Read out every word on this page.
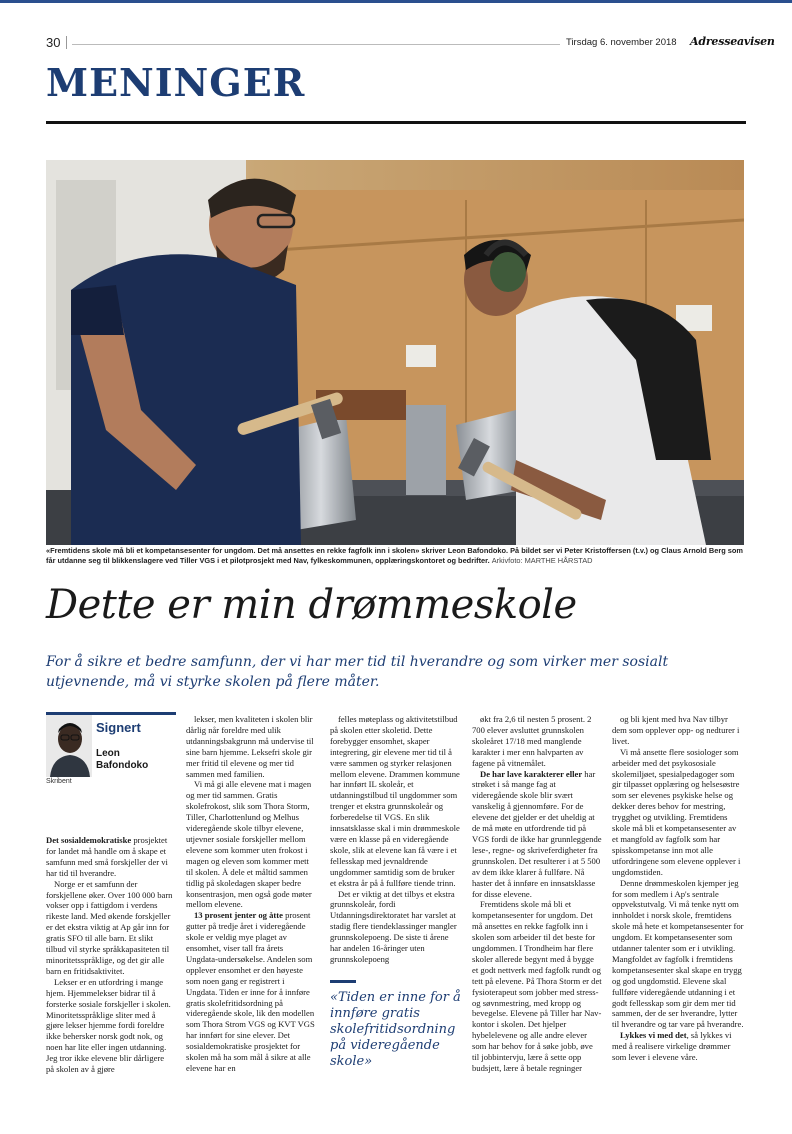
30	Tirsdag 6. november 2018 Adresseavisen
MENINGER
«Fremtidens skole må bli et kompetansesenter for ungdom. Det må ansettes en rekke fagfolk inn i skolen» skriver Leon Bafondoko. På bildet ser vi Peter Kristoffersen (t.v.) og Claus Arnold Berg som får utdanne seg til blikkenslagere ved Tiller VGS i et pilotprosjekt med Nav, fylkeskommunen, opplæringskontoret og bedrifter. Arkivfoto: MARTHE HÅRSTAD
Dette er min drømmeskole
For å sikre et bedre samfunn, der vi har mer tid til hverandre og som virker mer sosialt utjevnende, må vi styrke skolen på flere måter.
Signert
Leon
Bafondoko
Skribent

Det sosialdemokratiske prosjektet for landet må handle om å skape et samfunn med små forskjeller der vi har tid til hverandre.

Norge er et samfunn der forskjellene øker. Over 100 000 barn vokser opp i fattigdom i verdens rikeste land. Med økende forskjeller er det ekstra viktig at Ap går inn for gratis SFO til alle barn. Et slikt tilbud vil styrke språkkapasiteten til minoritetsspråklige, og det gir alle barn en fritidsaktivitet.

Lekser er en utfordring i mange hjem. Hjemmelekser bidrar til å forsterke sosiale forskjeller i skolen. Minoritetsspråklige sliter med å gjøre lekser hjemme fordi foreldre ikke behersker norsk godt nok, og noen har lite eller ingen utdanning. Jeg tror ikke elevene blir dårligere på skolen av å gjøre

lekser, men kvaliteten i skolen blir dårlig når foreldre med ulik utdanningsbakgrunn må undervise til sine barn hjemme. Leksefri skole gir mer fritid til elevene og mer tid sammen med familien.

Vi må gi alle elevene mat i magen og mer tid sammen. Gratis skolefrokost, slik som Thora Storm, Tiller, Charlottenlund og Melhus videregående skole tilbyr elevene, utjevner sosiale forskjeller mellom elevene som kommer uten frokost i magen og eleven som kommer mett til skolen. Å dele et måltid sammen tidlig på skoledagen skaper bedre konsentrasjon, men også gode møter mellom elevene.

13 prosent jenter og åtte prosent gutter på tredje året i videregående skole er veldig mye plaget av ensomhet, viser tall fra årets Ungdata-undersøkelse. Andelen som opplever ensomhet er den høyeste som noen gang er registrert i Ungdata. Tiden er inne for å innføre gratis skolefritidsordning på videregående skole, lik den modellen som Thora Strom VGS og KVT VGS har innført for sine elever. Det sosialdemokratiske prosjektet for skolen må ha som mål å sikre at alle elevene har en

felles møteplass og aktivitetstilbud på skolen etter skoletid. Dette forebygger ensomhet, skaper integrering, gir elevene mer tid til å være sammen og styrker relasjonen mellom elevene. Drammen kommune har innført IL skoleår, et utdanningstilbud til ungdommer som trenger et ekstra grunnskoleår og forberedelse til VGS. En slik innsatsklasse skal i min drømmeskole være en klasse på en videregående skole, slik at elevene kan få være i et fellesskap med jevnaldrende ungdommer samtidig som de bruker et ekstra år på å fullføre tiende trinn.

Det er viktig at det tilbys et ekstra grunnskoleår, fordi Utdanningsdirektoratet har varslet at stadig flere tiendeklassinger mangler grunnskolepoeng. De siste ti årene har andelen 16-åringer uten grunnskolepoeng

økt fra 2,6 til nesten 5 prosent. 2 700 elever avsluttet grunnskolen skoleåret 17/18 med manglende karakter i mer enn halvparten av fagene på vitnemålet.

De har lave karakterer eller har strøket i så mange fag at videregående skole blir svært vanskelig å gjennomføre. For de elevene det gjelder er det uheldig at de må møte en utfordrende tid på VGS fordi de ikke har grunnleggende lese-, regne- og skriveferdigheter fra grunnskolen. Det resulterer i at 5 500 av dem ikke klarer å fullføre. Nå haster det å innføre en innsatsklasse for disse elevene.

Fremtidens skole må bli et kompetansesenter for ungdom. Det må ansettes en rekke fagfolk inn i skolen som arbeider til det beste for ungdommen. I Trondheim har flere skoler allerede begynt med å bygge et godt nettverk med fagfolk rundt og tett på elevene. På Thora Storm er det fysioterapeut som jobber med stress- og søvnmestring, med kropp og bevegelse. Elevene på Tiller har Nav-kontor i skolen. Det hjelper hybelelevene og alle andre elever som har behov for å søke jobb, øve til jobbintervju, lære å sette opp budsjett, lære å betale regninger

og bli kjent med hva Nav tilbyr dem som opplever opp- og nedturer i livet.

Vi må ansette flere sosiologer som arbeider med det psykososiale skolemiljøet, spesialpedagoger som gir tilpasset opplæring og helsesøstre som ser elevenes psykiske helse og dekker deres behov for mestring, trygghet og utvikling. Fremtidens skole må bli et kompetansesenter av et mangfold av fagfolk som har spisskompetanse inn mot alle utfordringene som elevene opplever i ungdomstiden.

Denne drømmeskolen kjemper jeg for som medlem i Ap's sentrale oppvekstutvalg. Vi må tenke nytt om innholdet i norsk skole, fremtidens skole må hete et kompetansesenter for ungdom. Et kompetansesenter som utdanner talenter som er i utvikling. Mangfoldet av fagfolk i fremtidens kompetansesenter skal skape en trygg og god ungdomstid. Elevene skal fullføre videregående utdanning i et godt fellesskap som gir dem mer tid sammen, der de ser hverandre, lytter til hverandre og tar vare på hverandre.

Lykkes vi med det, så lykkes vi med å realisere virkelige drømmer som lever i elevene våre.

«Tiden er inne for å innføre gratis skolefritidsordning på videregående skole»
